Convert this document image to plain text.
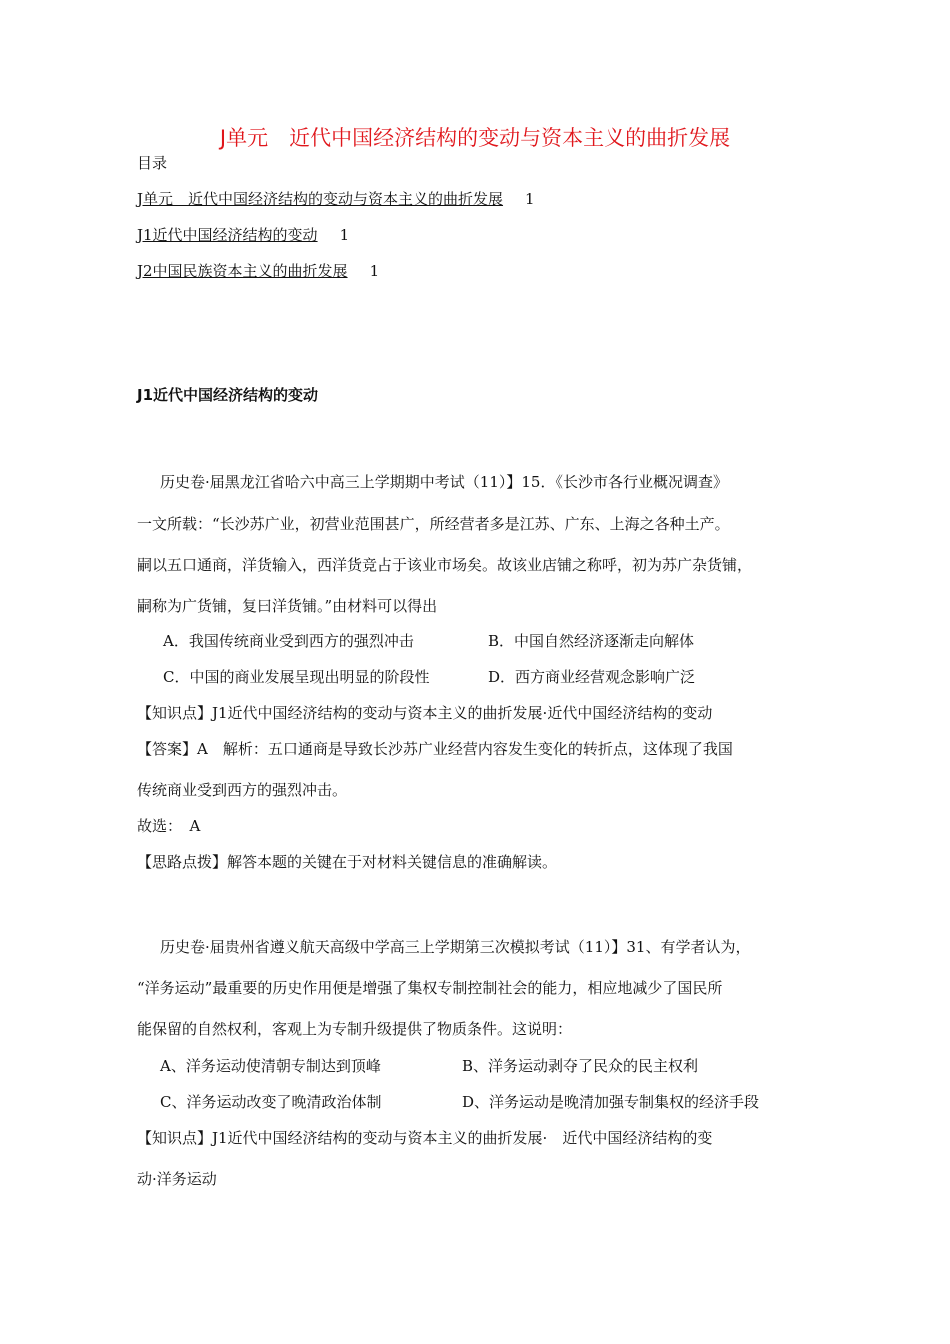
J单元　近代中国经济结构的变动与资本主义的曲折发展
目录
J单元　近代中国经济结构的变动与资本主义的曲折发展 1
J1近代中国经济结构的变动 1
J2中国民族资本主义的曲折发展 1
J1近代中国经济结构的变动
历史卷·届黑龙江省哈六中高三上学期期中考试（11）】15．《长沙市各行业概况调查》
一文所载：“长沙苏广业，初营业范围甚广，所经营者多是江苏、广东、上海之各种土产。
嗣以五口通商，洋货输入，西洋货竞占于该业市场矣。故该业店铺之称呼，初为苏广杂货铺，
嗣称为广货铺，复曰洋货铺。”由材料可以得出
A．我国传统商业受到西方的强烈冲击	B．中国自然经济逐渐走向解体
C．中国的商业发展呈现出明显的阶段性	D．西方商业经营观念影响广泛
【知识点】J1近代中国经济结构的变动与资本主义的曲折发展·近代中国经济结构的变动
【答案】A　解析：五口通商是导致长沙苏广业经营内容发生变化的转折点，这体现了我国
传统商业受到西方的强烈冲击。
故选：　A
【思路点拨】解答本题的关键在于对材料关键信息的准确解读。
历史卷·届贵州省遵义航天高级中学高三上学期第三次模拟考试（11）】31、有学者认为，
“洋务运动”最重要的历史作用便是增强了集权专制控制社会的能力，相应地减少了国民所
能保留的自然权利，客观上为专制升级提供了物质条件。这说明：
A、洋务运动使清朝专制达到顶峰	B、洋务运动剥夺了民众的民主权利
C、洋务运动改变了晚清政治体制	D、洋务运动是晚清加强专制集权的经济手段
【知识点】J1近代中国经济结构的变动与资本主义的曲折发展·　近代中国经济结构的变
动·洋务运动
